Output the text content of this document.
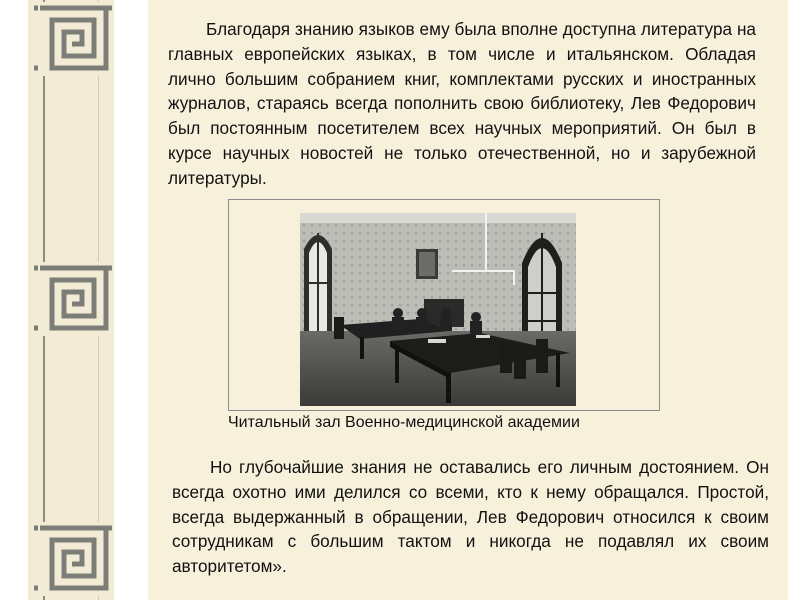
Благодаря знанию языков ему была вполне доступна литература на главных европейских языках, в том числе и итальянском. Обладая лично большим собранием книг, комплектами русских и иностранных журналов, стараясь всегда пополнить свою библиотеку, Лев Федорович был постоянным посетителем всех научных мероприятий. Он был в курсе научных новостей не только отечественной, но и зарубежной литературы.

Читальный зал Военно-медицинской академии

Но глубочайшие знания не оставались его личным достоянием. Он всегда охотно ими делился со всеми, кто к нему обращался. Простой, всегда выдержанный в обращении, Лев Федорович относился к своим сотрудникам с большим тактом и никогда не подавлял их своим авторитетом».
